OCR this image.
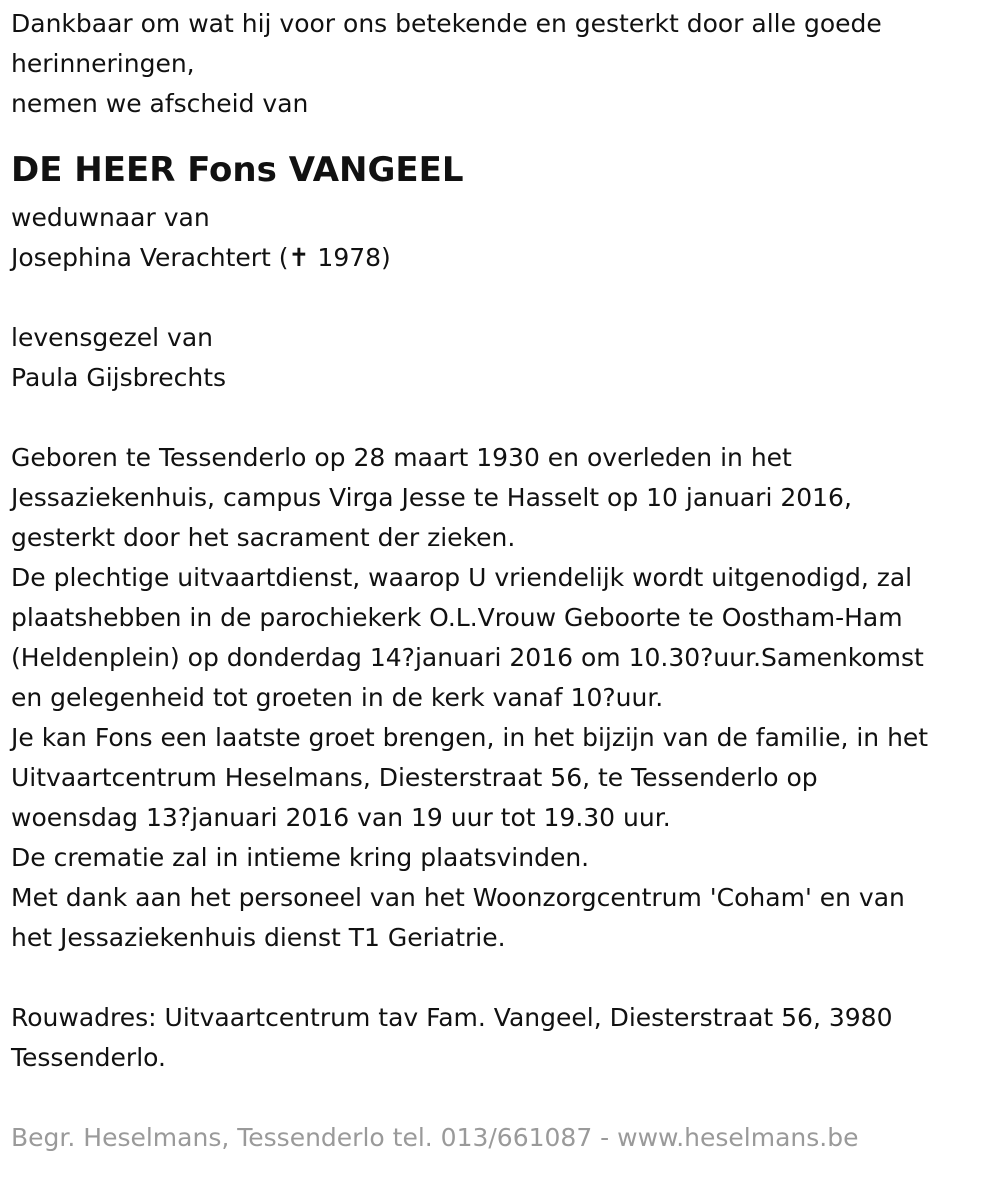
Dankbaar om wat hij voor ons betekende en gesterkt door alle goede
herinneringen,
nemen we afscheid van
DE HEER Fons VANGEEL
weduwnaar van
Josephina Verachtert (✝ 1978)
levensgezel van
Paula Gijsbrechts
Geboren te Tessenderlo op 28 maart 1930 en overleden in het
Jessaziekenhuis, campus Virga Jesse te Hasselt op 10 januari 2016,
gesterkt door het sacrament der zieken.
De plechtige uitvaartdienst, waarop U vriendelijk wordt uitgenodigd, zal
plaatshebben in de parochiekerk O.L.Vrouw Geboorte te Oostham-Ham
(Heldenplein) op donderdag 14?januari 2016 om 10.30?uur.Samenkomst
en gelegenheid tot groeten in de kerk vanaf 10?uur.
Je kan Fons een laatste groet brengen, in het bijzijn van de familie, in het
Uitvaartcentrum Heselmans, Diesterstraat 56, te Tessenderlo op
woensdag 13?januari 2016 van 19 uur tot 19.30 uur.
De crematie zal in intieme kring plaatsvinden.
Met dank aan het personeel van het Woonzorgcentrum 'Coham' en van
het Jessaziekenhuis dienst T1 Geriatrie.
Rouwadres: Uitvaartcentrum tav Fam. Vangeel, Diesterstraat 56, 3980
Tessenderlo.
Begr. Heselmans, Tessenderlo tel. 013/661087 - www.heselmans.be
